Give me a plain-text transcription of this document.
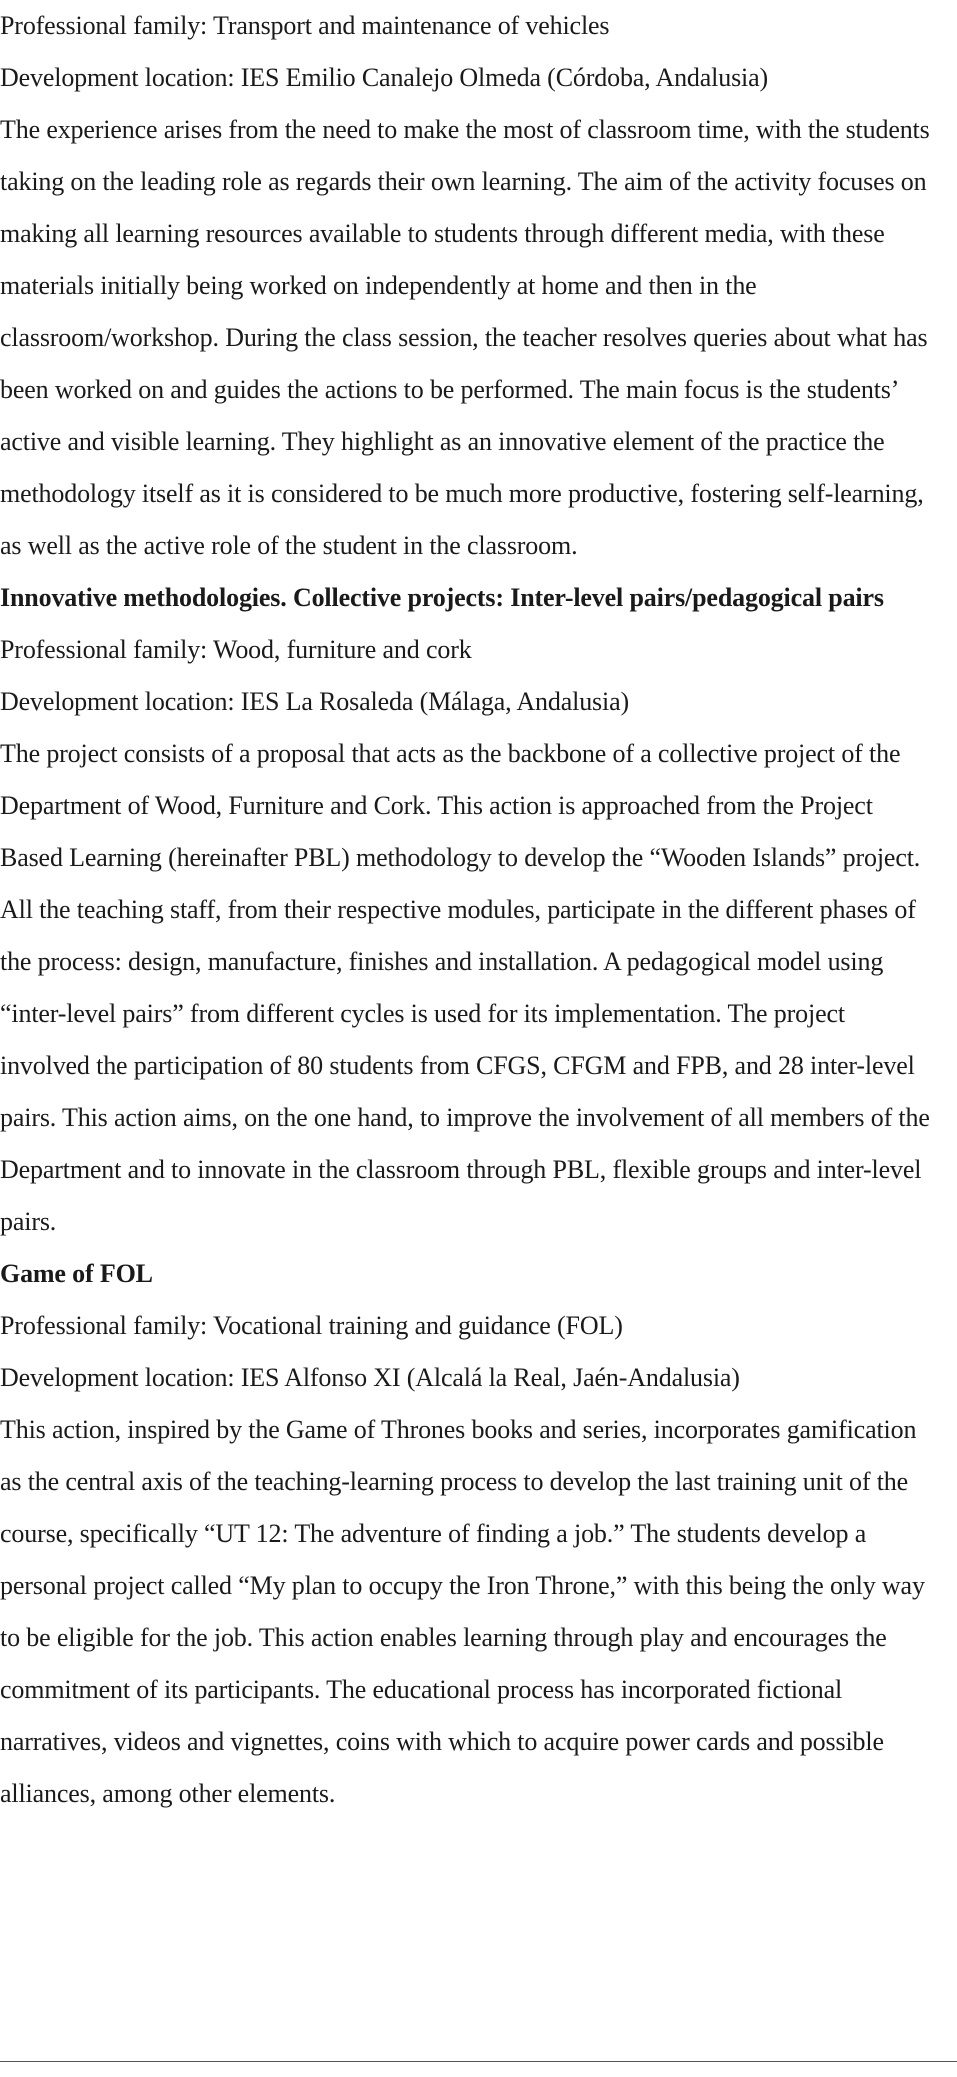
Professional family: Transport and maintenance of vehicles

Development location: IES Emilio Canalejo Olmeda (Córdoba, Andalusia)

The experience arises from the need to make the most of classroom time, with the students taking on the leading role as regards their own learning. The aim of the activity focuses on making all learning resources available to students through different media, with these materials initially being worked on independently at home and then in the classroom/workshop. During the class session, the teacher resolves queries about what has been worked on and guides the actions to be performed. The main focus is the students’ active and visible learning. They highlight as an innovative element of the practice the methodology itself as it is considered to be much more productive, fostering self-learning, as well as the active role of the student in the classroom.

Innovative methodologies. Collective projects: Inter-level pairs/pedagogical pairs

Professional family: Wood, furniture and cork

Development location: IES La Rosaleda (Málaga, Andalusia)

The project consists of a proposal that acts as the backbone of a collective project of the Department of Wood, Furniture and Cork. This action is approached from the Project Based Learning (hereinafter PBL) methodology to develop the “Wooden Islands” project. All the teaching staff, from their respective modules, participate in the different phases of the process: design, manufacture, finishes and installation. A pedagogical model using “inter-level pairs” from different cycles is used for its implementation. The project involved the participation of 80 students from CFGS, CFGM and FPB, and 28 inter-level pairs. This action aims, on the one hand, to improve the involvement of all members of the Department and to innovate in the classroom through PBL, flexible groups and inter-level pairs.

Game of FOL

Professional family: Vocational training and guidance (FOL)

Development location: IES Alfonso XI (Alcalá la Real, Jaén-Andalusia)

This action, inspired by the Game of Thrones books and series, incorporates gamification as the central axis of the teaching-learning process to develop the last training unit of the course, specifically “UT 12: The adventure of finding a job.” The students develop a personal project called “My plan to occupy the Iron Throne,” with this being the only way to be eligible for the job. This action enables learning through play and encourages the commitment of its participants. The educational process has incorporated fictional narratives, videos and vignettes, coins with which to acquire power cards and possible alliances, among other elements.
